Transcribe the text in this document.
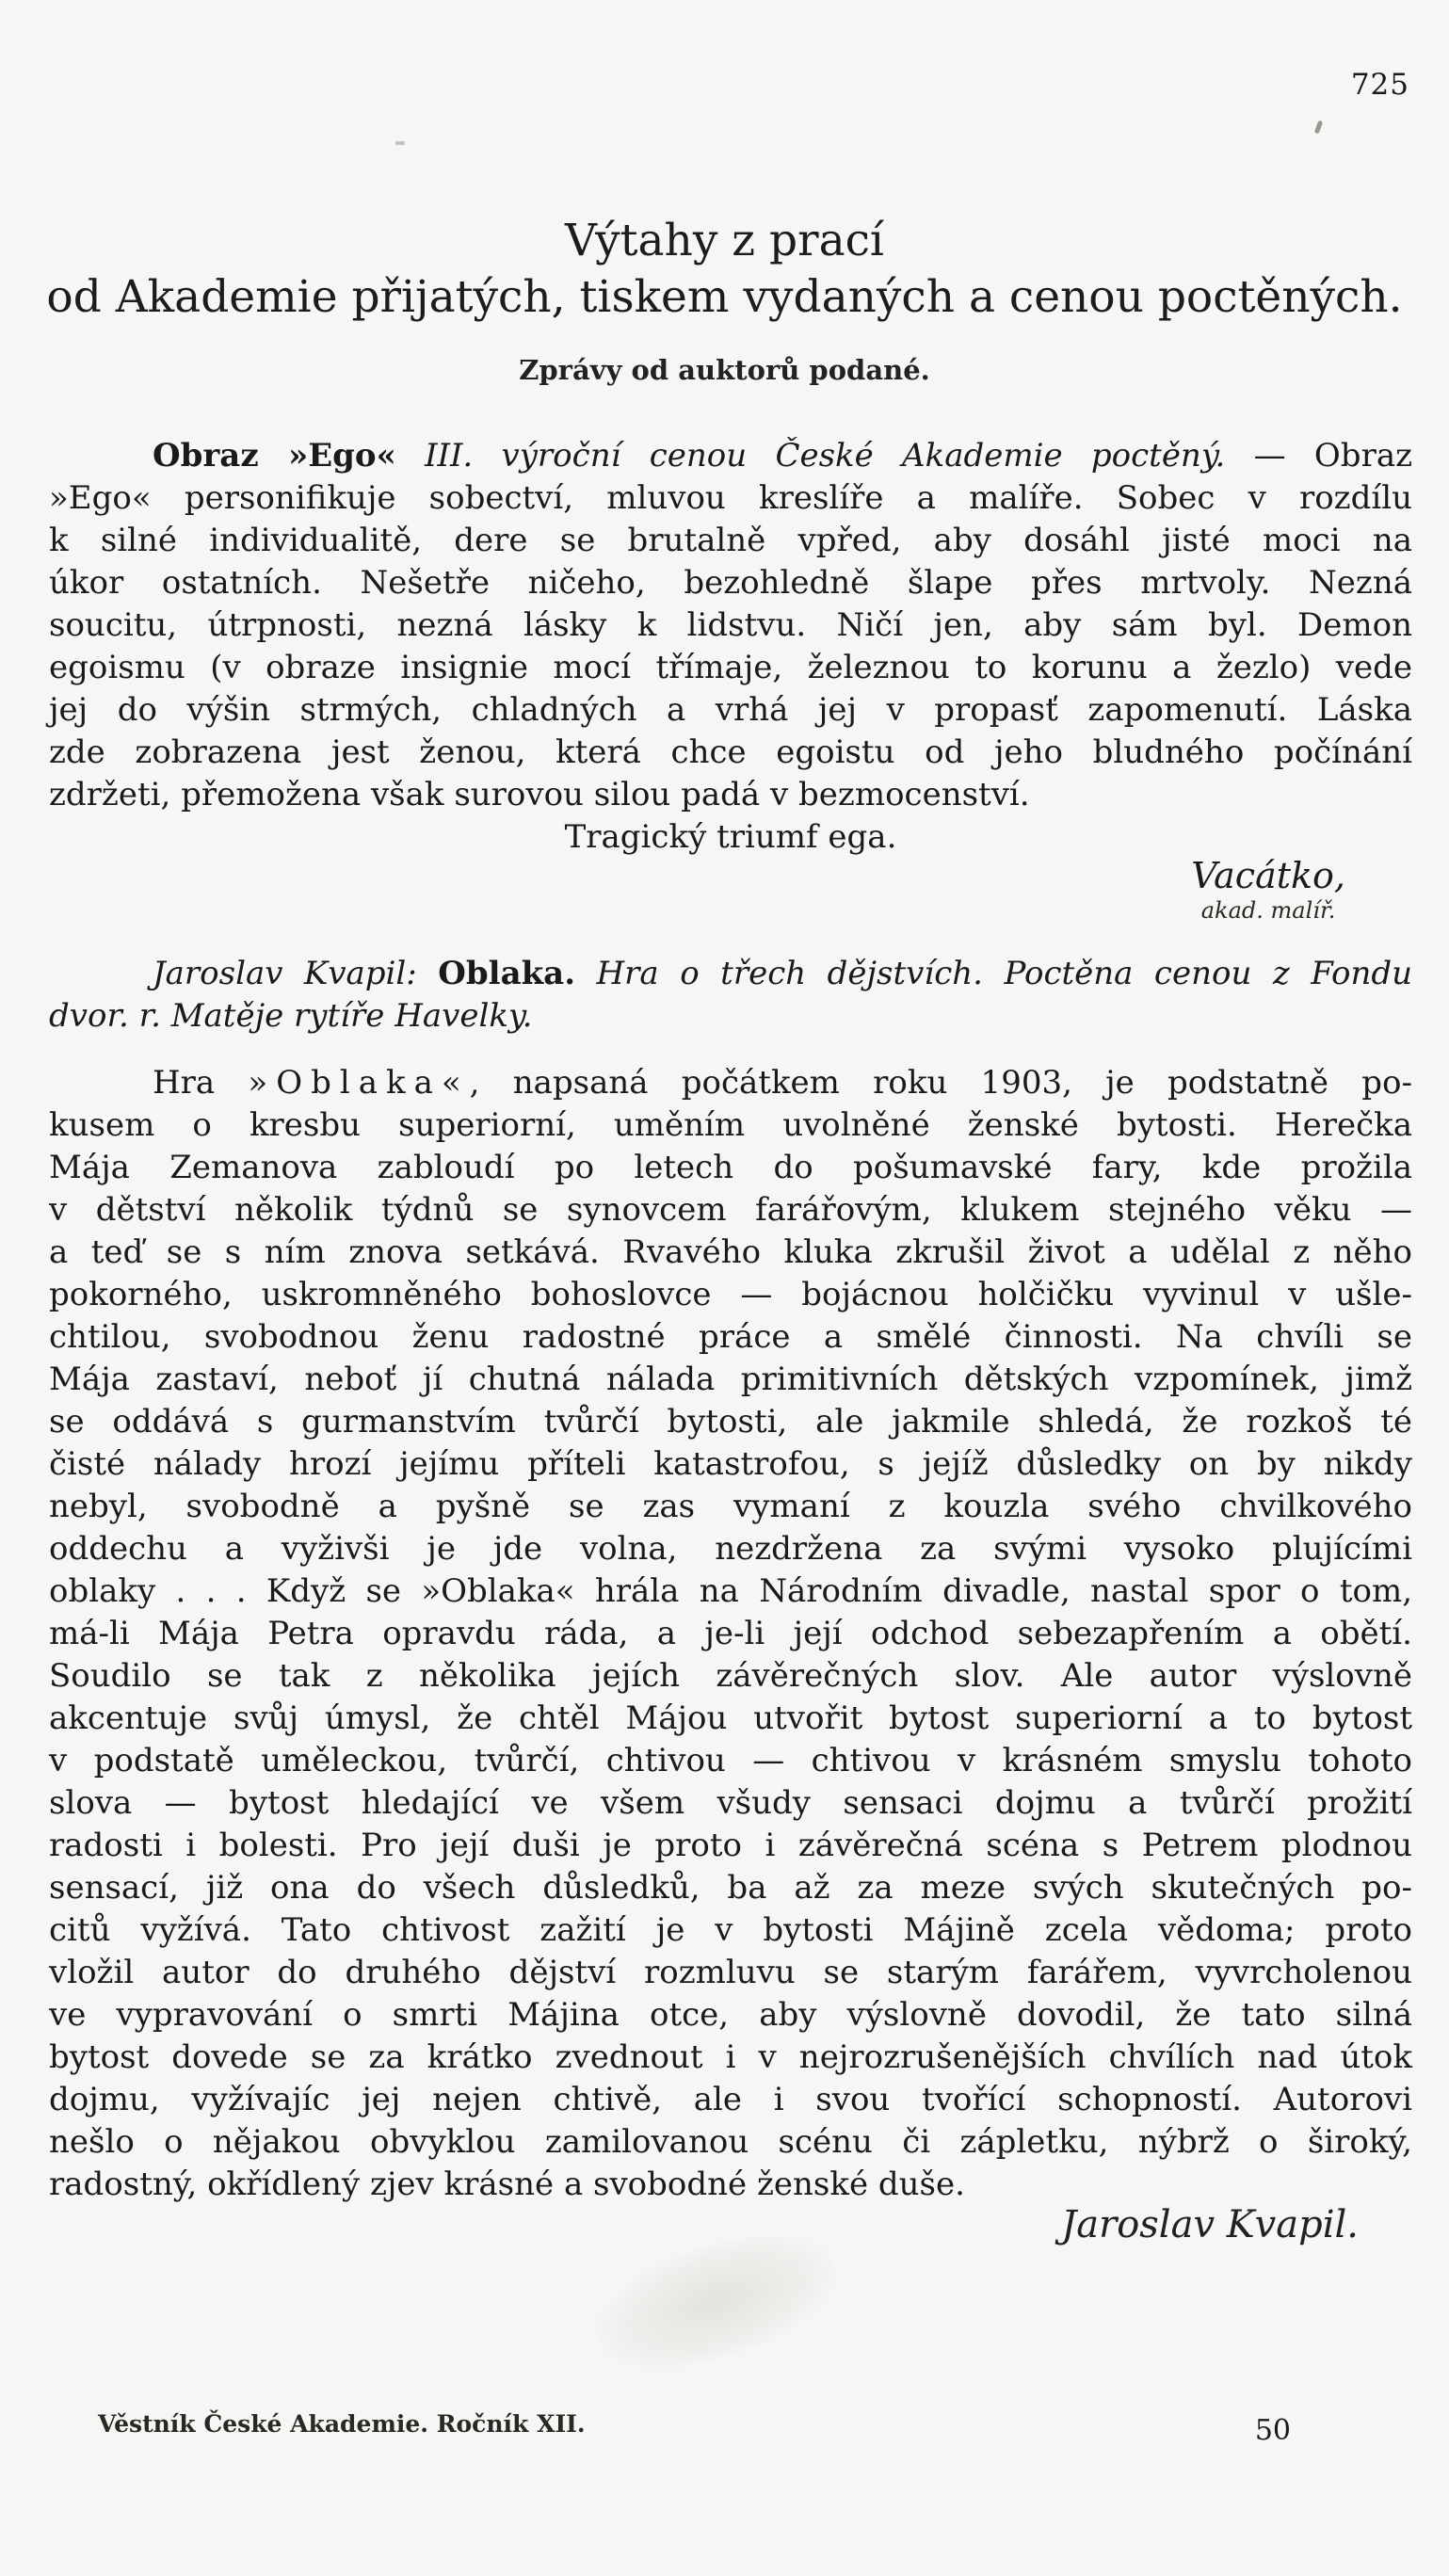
725
Výtahy z prací
od Akademie přijatých, tiskem vydaných a cenou poctěných.
Zprávy od auktorů podané.
Obraz »Ego« III. výroční cenou České Akademie poctěný. — Obraz
»Ego« personifikuje sobectví, mluvou kreslíře a malíře. Sobec v rozdílu
k silné individualitě, dere se brutalně vpřed, aby dosáhl jisté moci na
úkor ostatních. Nešetře ničeho, bezohledně šlape přes mrtvoly. Nezná
soucitu, útrpnosti, nezná lásky k lidstvu. Ničí jen, aby sám byl. Demon
egoismu (v obraze insignie mocí třímaje, železnou to korunu a žezlo) vede
jej do výšin strmých, chladných a vrhá jej v propasť zapomenutí. Láska
zde zobrazena jest ženou, která chce egoistu od jeho bludného počínání
zdržeti, přemožena však surovou silou padá v bezmocenství.
Tragický triumf ega.
Vacátko,
akad. malíř.
Jaroslav Kvapil: Oblaka. Hra o třech dějstvích. Poctěna cenou z Fondu
dvor. r. Matěje rytíře Havelky.
Hra »Oblaka«, napsaná počátkem roku 1903, je podstatně po-
kusem o kresbu superiorní, uměním uvolněné ženské bytosti. Herečka
Mája Zemanova zabloudí po letech do pošumavské fary, kde prožila
v dětství několik týdnů se synovcem farářovým, klukem stejného věku —
a teď se s ním znova setkává. Rvavého kluka zkrušil život a udělal z něho
pokorného, uskromněného bohoslovce — bojácnou holčičku vyvinul v ušle-
chtilou, svobodnou ženu radostné práce a smělé činnosti. Na chvíli se
Mája zastaví, neboť jí chutná nálada primitivních dětských vzpomínek, jimž
se oddává s gurmanstvím tvůrčí bytosti, ale jakmile shledá, že rozkoš té
čisté nálady hrozí jejímu příteli katastrofou, s jejíž důsledky on by nikdy
nebyl, svobodně a pyšně se zas vymaní z kouzla svého chvilkového
oddechu a vyživši je jde volna, nezdržena za svými vysoko plujícími
oblaky . . . Když se »Oblaka« hrála na Národním divadle, nastal spor o tom,
má-li Mája Petra opravdu ráda, a je-li její odchod sebezapřením a obětí.
Soudilo se tak z několika jejích závěrečných slov. Ale autor výslovně
akcentuje svůj úmysl, že chtěl Májou utvořit bytost superiorní a to bytost
v podstatě uměleckou, tvůrčí, chtivou — chtivou v krásném smyslu tohoto
slova — bytost hledající ve všem všudy sensaci dojmu a tvůrčí prožití
radosti i bolesti. Pro její duši je proto i závěrečná scéna s Petrem plodnou
sensací, již ona do všech důsledků, ba až za meze svých skutečných po-
citů vyžívá. Tato chtivost zažití je v bytosti Májině zcela vědoma; proto
vložil autor do druhého dějství rozmluvu se starým farářem, vyvrcholenou
ve vypravování o smrti Májina otce, aby výslovně dovodil, že tato silná
bytost dovede se za krátko zvednout i v nejrozrušenějších chvílích nad útok
dojmu, vyžívajíc jej nejen chtivě, ale i svou tvořící schopností. Autorovi
nešlo o nějakou obvyklou zamilovanou scénu či zápletku, nýbrž o široký,
radostný, okřídlený zjev krásné a svobodné ženské duše.
Jaroslav Kvapil.
Věstník České Akademie. Ročník XII.	50
